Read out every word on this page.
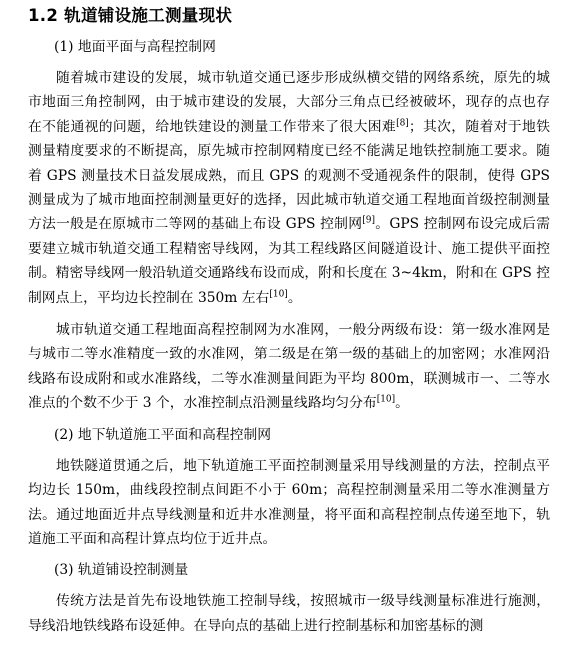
1.2 轨道铺设施工测量现状
(1) 地面平面与高程控制网

随着城市建设的发展，城市轨道交通已逐步形成纵横交错的网络系统，原先的城市地面三角控制网，由于城市建设的发展，大部分三角点已经被破坏，现存的点也存在不能通视的问题，给地铁建设的测量工作带来了很大困难[8]；其次，随着对于地铁测量精度要求的不断提高，原先城市控制网精度已经不能满足地铁控制施工要求。随着 GPS 测量技术日益发展成熟，而且 GPS 的观测不受通视条件的限制，使得 GPS 测量成为了城市地面控制测量更好的选择，因此城市轨道交通工程地面首级控制测量方法一般是在原城市二等网的基础上布设 GPS 控制网[9]。GPS 控制网布设完成后需要建立城市轨道交通工程精密导线网，为其工程线路区间隧道设计、施工提供平面控制。精密导线网一般沿轨道交通路线布设而成，附和长度在 3~4km，附和在 GPS 控制网点上，平均边长控制在 350m 左右[10]。

城市轨道交通工程地面高程控制网为水准网，一般分两级布设：第一级水准网是与城市二等水准精度一致的水准网，第二级是在第一级的基础上的加密网；水准网沿线路布设成附和或水准路线，二等水准测量间距为平均 800m，联测城市一、二等水准点的个数不少于 3 个，水准控制点沿测量线路均匀分布[10]。

(2) 地下轨道施工平面和高程控制网

地铁隧道贯通之后，地下轨道施工平面控制测量采用导线测量的方法，控制点平均边长 150m，曲线段控制点间距不小于 60m；高程控制测量采用二等水准测量方法。通过地面近井点导线测量和近井水准测量，将平面和高程控制点传递至地下，轨道施工平面和高程计算点均位于近井点。

(3) 轨道铺设控制测量

传统方法是首先布设地铁施工控制导线，按照城市一级导线测量标准进行施测，导线沿地铁线路布设延伸。在导向点的基础上进行控制基标和加密基标的测
